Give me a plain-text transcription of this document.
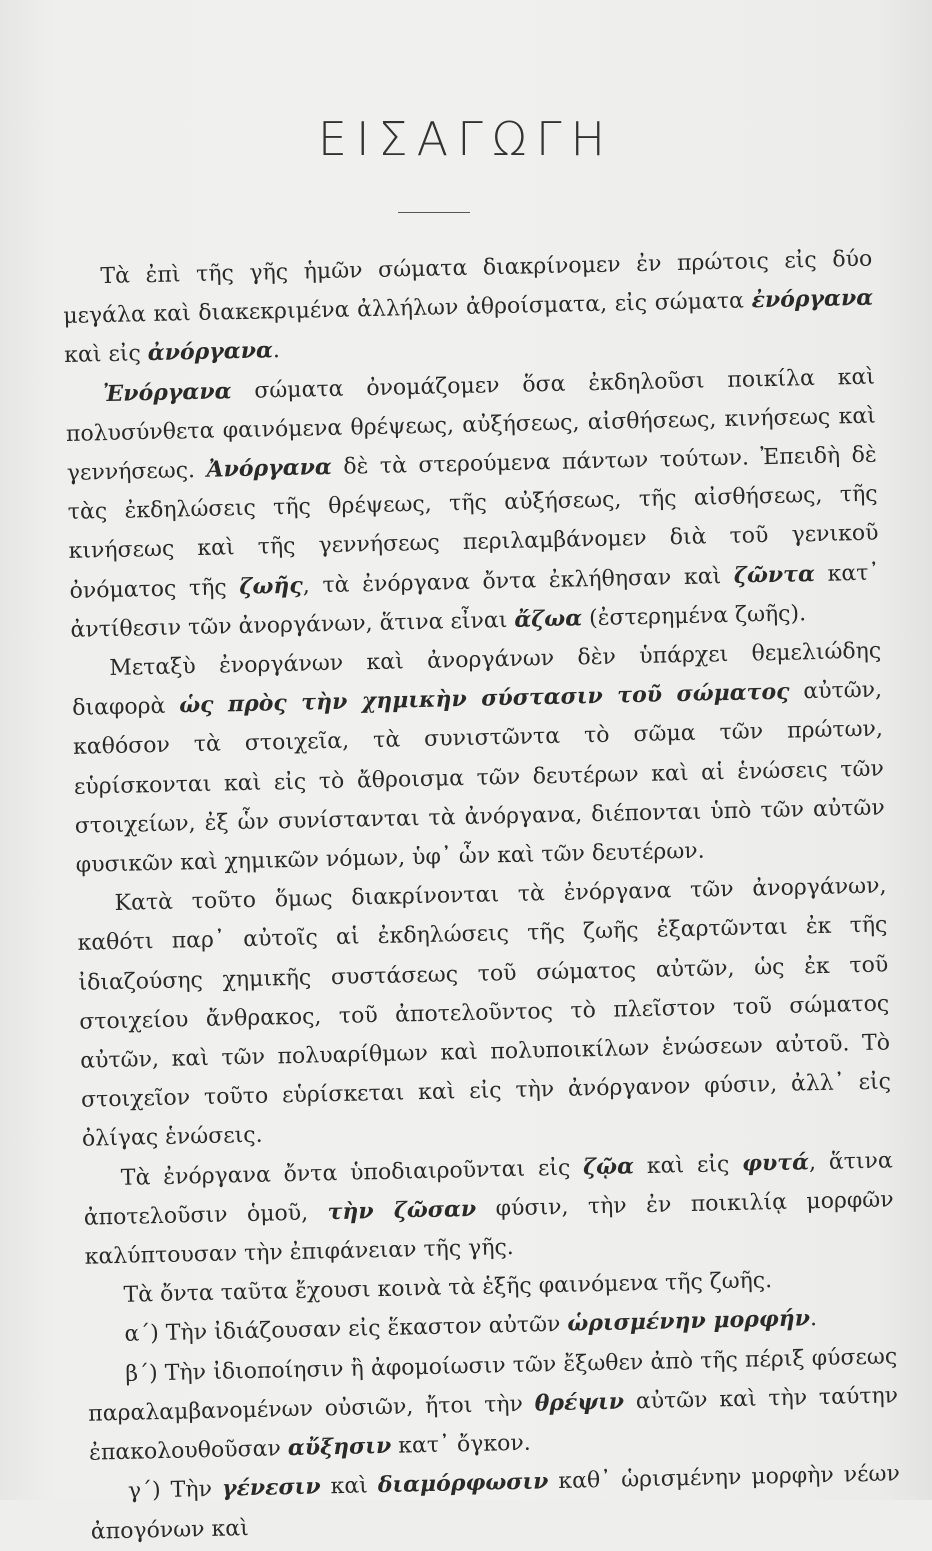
ΕΙΣΑΓΩΓΗ

Τὰ ἐπὶ τῆς γῆς ἡμῶν σώματα διακρίνομεν ἐν πρώτοις εἰς δύο μεγάλα καὶ διακεκριμένα ἀλλήλων ἀθροίσματα, εἰς σώματα ἐνόργανα καὶ εἰς ἀνόργανα.

Ἐνόργανα σώματα ὀνομάζομεν ὅσα ἐκδηλοῦσι ποικίλα καὶ πολυσύνθετα φαινόμενα θρέψεως, αὐξήσεως, αἰσθήσεως, κινήσεως καὶ γεννήσεως. Ἀνόργανα δὲ τὰ στερούμενα πάντων τούτων. Ἐπειδὴ δὲ τὰς ἐκδηλώσεις τῆς θρέψεως, τῆς αὐξήσεως, τῆς αἰσθήσεως, τῆς κινήσεως καὶ τῆς γεννήσεως περιλαμβάνομεν διὰ τοῦ γενικοῦ ὀνόματος τῆς ζωῆς, τὰ ἐνόργανα ὄντα ἐκλήθησαν καὶ ζῶντα κατ᾽ ἀντίθεσιν τῶν ἀνοργάνων, ἅτινα εἶναι ἄζωα (ἐστερημένα ζωῆς).

Μεταξὺ ἐνοργάνων καὶ ἀνοργάνων δὲν ὑπάρχει θεμελιώδης διαφορὰ ὡς πρὸς τὴν χημικὴν σύστασιν τοῦ σώματος αὐτῶν, καθόσον τὰ στοιχεῖα, τὰ συνιστῶντα τὸ σῶμα τῶν πρώτων, εὑρίσκονται καὶ εἰς τὸ ἄθροισμα τῶν δευτέρων καὶ αἱ ἑνώσεις τῶν στοιχείων, ἐξ ὧν συνίστανται τὰ ἀνόργανα, διέπονται ὑπὸ τῶν αὐτῶν φυσικῶν καὶ χημικῶν νόμων, ὑφ᾽ ὧν καὶ τῶν δευτέρων.

Κατὰ τοῦτο ὅμως διακρίνονται τὰ ἐνόργανα τῶν ἀνοργάνων, καθότι παρ᾽ αὐτοῖς αἱ ἐκδηλώσεις τῆς ζωῆς ἐξαρτῶνται ἐκ τῆς ἰδιαζούσης χημικῆς συστάσεως τοῦ σώματος αὐτῶν, ὡς ἐκ τοῦ στοιχείου ἄνθρακος, τοῦ ἀποτελοῦντος τὸ πλεῖστον τοῦ σώματος αὐτῶν, καὶ τῶν πολυαρίθμων καὶ πολυποικίλων ἑνώσεων αὐτοῦ. Τὸ στοιχεῖον τοῦτο εὑρίσκεται καὶ εἰς τὴν ἀνόργανον φύσιν, ἀλλ᾽ εἰς ὀλίγας ἑνώσεις.

Τὰ ἐνόργανα ὄντα ὑποδιαιροῦνται εἰς ζῷα καὶ εἰς φυτά, ἅτινα ἀποτελοῦσιν ὁμοῦ, τὴν ζῶσαν φύσιν, τὴν ἐν ποικιλίᾳ μορφῶν καλύπτουσαν τὴν ἐπιφάνειαν τῆς γῆς.

Τὰ ὄντα ταῦτα ἔχουσι κοινὰ τὰ ἑξῆς φαινόμενα τῆς ζωῆς.

α΄) Τὴν ἰδιάζουσαν εἰς ἕκαστον αὐτῶν ὡρισμένην μορφήν.

β΄) Τὴν ἰδιοποίησιν ἢ ἀφομοίωσιν τῶν ἔξωθεν ἀπὸ τῆς πέριξ φύσεως παραλαμβανομένων οὐσιῶν, ἤτοι τὴν θρέψιν αὐτῶν καὶ τὴν ταύτην ἐπακολουθοῦσαν αὔξησιν κατ᾽ ὄγκον.

γ΄) Τὴν γένεσιν καὶ διαμόρφωσιν καθ᾽ ὡρισμένην μορφὴν νέων ἀπογόνων καὶ
